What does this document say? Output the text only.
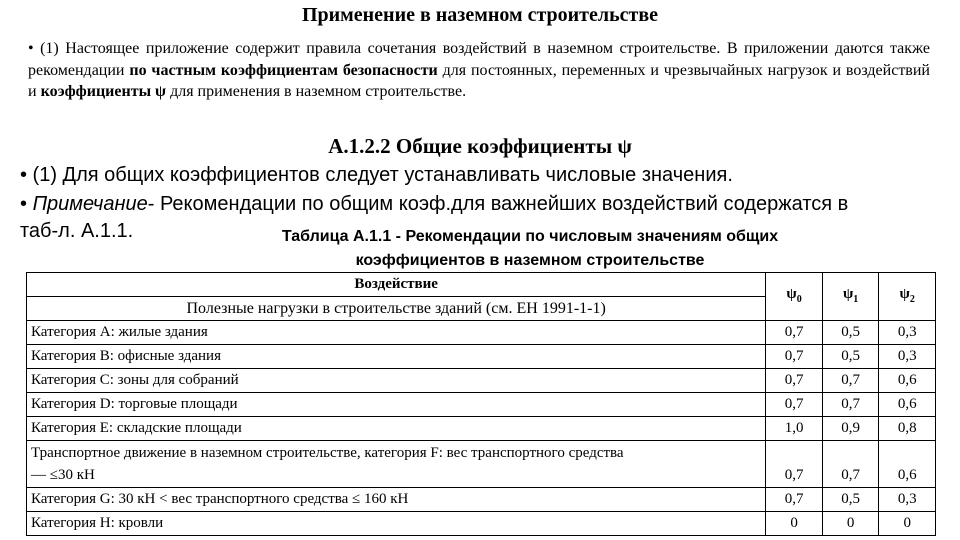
Применение в наземном строительстве
• (1) Настоящее приложение содержит правила сочетания воздействий в наземном строительстве. В приложении даются также рекомендации по частным коэффициентам безопасности для постоянных, переменных и чрезвычайных нагрузок и воздействий и коэффициенты ψ для применения в наземном строительстве.
А.1.2.2 Общие коэффициенты ψ
• (1) Для общих коэффициентов следует устанавливать числовые значения.
• Примечание- Рекомендации по общим коэф.для важнейших воздействий содержатся в
таб-л. А.1.1.	Таблица А.1.1 - Рекомендации по числовым значениям общих
коэффициентов в наземном строительстве
Воздействие	$\psi_0$	$\psi_1$	$\psi_2$
Полезные нагрузки в строительстве зданий (см. ЕН 1991-1-1)			
Категория А: жилые здания	0,7	0,5	0,3
Категория В: офисные здания	0,7	0,5	0,3
Категория С: зоны для собраний	0,7	0,7	0,6
Категория D: торговые площади	0,7	0,7	0,6
Категория Е: складские площади	1,0	0,9	0,8

Транспортное движение в наземном строительстве, категория F: вес транспортного средства
— ≤30 кН	0,7	0,7	0,6
Категория G: 30 кН < вес транспортного средства ≤ 160 кН	0,7	0,5	0,3
Категория Н: кровли	0	0	0
